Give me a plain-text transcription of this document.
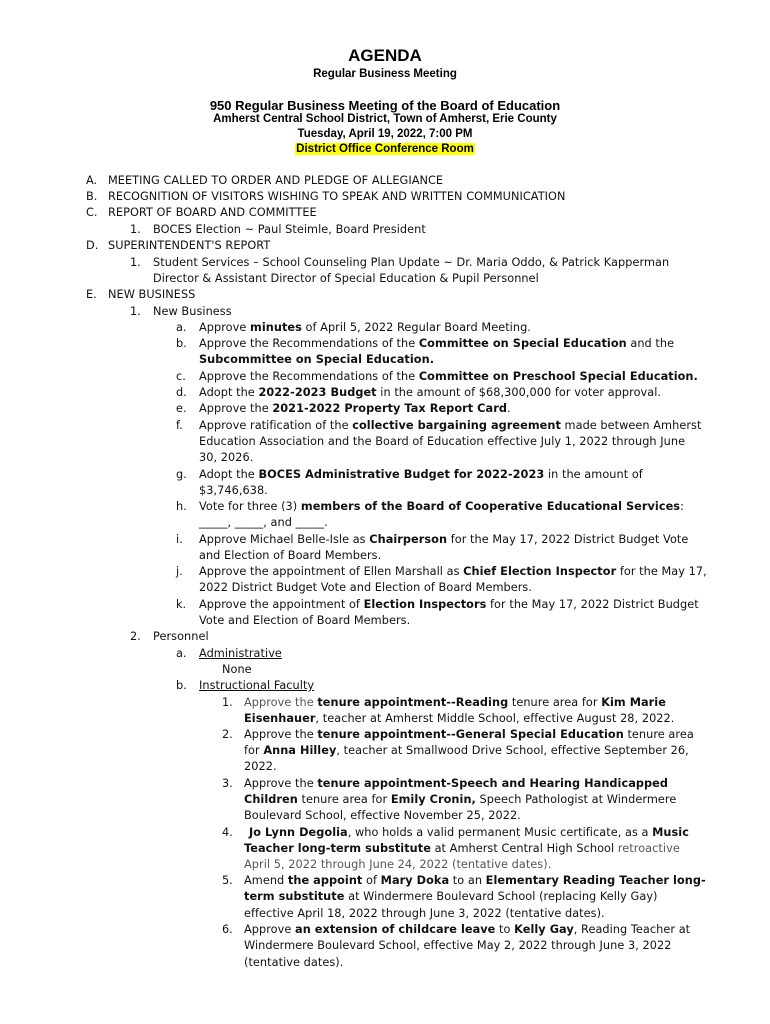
AGENDA
Regular Business Meeting
950 Regular Business Meeting of the Board of Education
Amherst Central School District, Town of Amherst, Erie County
Tuesday, April 19, 2022, 7:00 PM
District Office Conference Room
A. MEETING CALLED TO ORDER AND PLEDGE OF ALLEGIANCE
B. RECOGNITION OF VISITORS WISHING TO SPEAK AND WRITTEN COMMUNICATION
C. REPORT OF BOARD AND COMMITTEE
1. BOCES Election ~ Paul Steimle, Board President
D. SUPERINTENDENT'S REPORT
1. Student Services – School Counseling Plan Update ~ Dr. Maria Oddo, & Patrick Kapperman
Director & Assistant Director of Special Education & Pupil Personnel
E. NEW BUSINESS
1. New Business
a. Approve minutes of April 5, 2022 Regular Board Meeting.
b. Approve the Recommendations of the Committee on Special Education and the
Subcommittee on Special Education.
c. Approve the Recommendations of the Committee on Preschool Special Education.
d. Adopt the 2022-2023 Budget in the amount of $68,300,000 for voter approval.
e. Approve the 2021-2022 Property Tax Report Card.
f. Approve ratification of the collective bargaining agreement made between Amherst
Education Association and the Board of Education effective July 1, 2022 through June
30, 2026.
g. Adopt the BOCES Administrative Budget for 2022-2023 in the amount of
$3,746,638.
h. Vote for three (3) members of the Board of Cooperative Educational Services:
_____, _____, and _____.
i. Approve Michael Belle-Isle as Chairperson for the May 17, 2022 District Budget Vote
and Election of Board Members.
j. Approve the appointment of Ellen Marshall as Chief Election Inspector for the May 17,
2022 District Budget Vote and Election of Board Members.
k. Approve the appointment of Election Inspectors for the May 17, 2022 District Budget
Vote and Election of Board Members.
2. Personnel
a. Administrative
None
b. Instructional Faculty
1. Approve the tenure appointment--Reading tenure area for Kim Marie
Eisenhauer, teacher at Amherst Middle School, effective August 28, 2022.
2. Approve the tenure appointment--General Special Education tenure area
for Anna Hilley, teacher at Smallwood Drive School, effective September 26,
2022.
3. Approve the tenure appointment-Speech and Hearing Handicapped
Children tenure area for Emily Cronin, Speech Pathologist at Windermere
Boulevard School, effective November 25, 2022.
4. Jo Lynn Degolia, who holds a valid permanent Music certificate, as a Music
Teacher long-term substitute at Amherst Central High School retroactive
April 5, 2022 through June 24, 2022 (tentative dates).
5. Amend the appoint of Mary Doka to an Elementary Reading Teacher long-
term substitute at Windermere Boulevard School (replacing Kelly Gay)
effective April 18, 2022 through June 3, 2022 (tentative dates).
6. Approve an extension of childcare leave to Kelly Gay, Reading Teacher at
Windermere Boulevard School, effective May 2, 2022 through June 3, 2022
(tentative dates).
